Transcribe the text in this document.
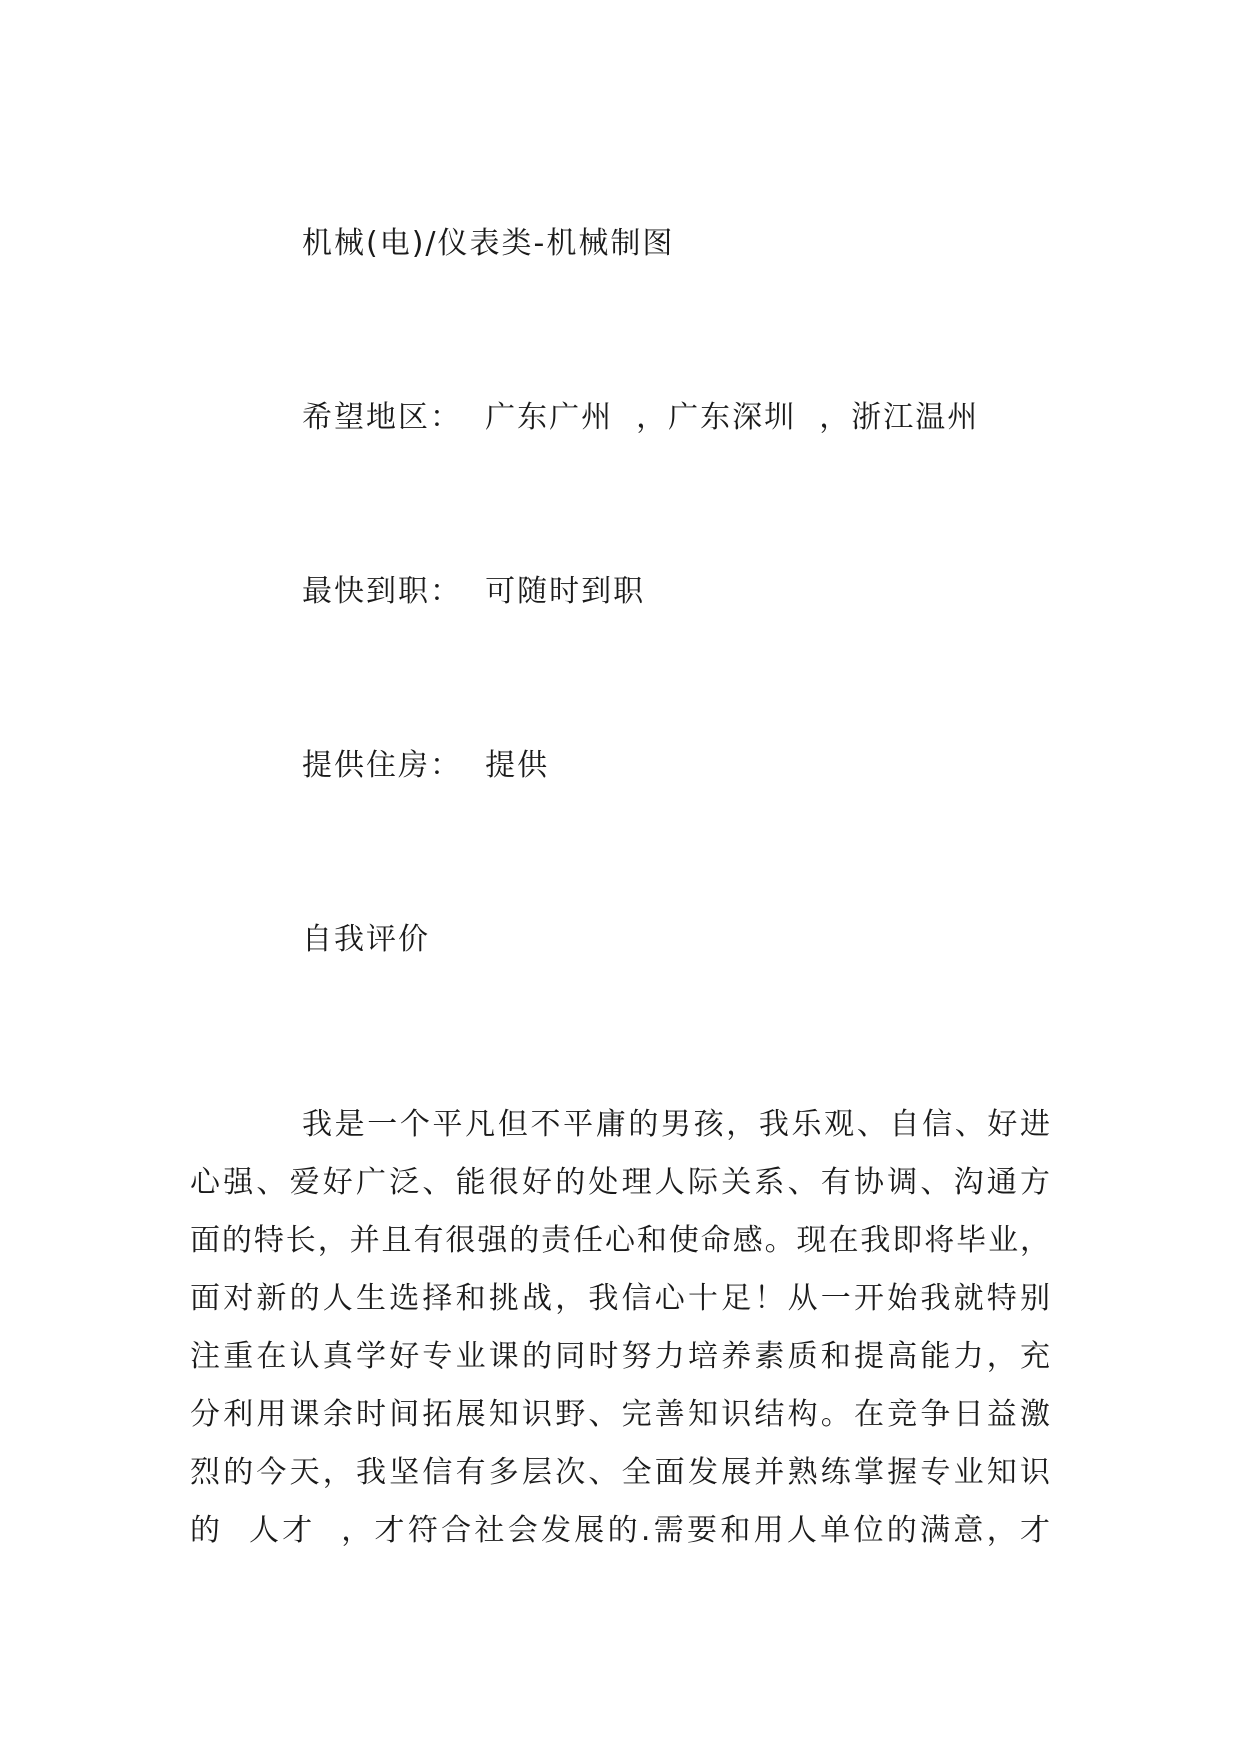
机械(电)/仪表类-机械制图
希望地区：  广东广州  ，广东深圳  ，浙江温州
最快到职：  可随时到职
提供住房：  提供
自我评价
我是一个平凡但不平庸的男孩，我乐观、自信、好进
心强、爱好广泛、能很好的处理人际关系、有协调、沟通方
面的特长，并且有很强的责任心和使命感。现在我即将毕业，
面对新的人生选择和挑战，我信心十足！从一开始我就特别
注重在认真学好专业课的同时努力培养素质和提高能力，充
分利用课余时间拓展知识野、完善知识结构。在竞争日益激
烈的今天，我坚信有多层次、全面发展并熟练掌握专业知识
的  人才  ，才符合社会发展的.需要和用人单位的满意，才
